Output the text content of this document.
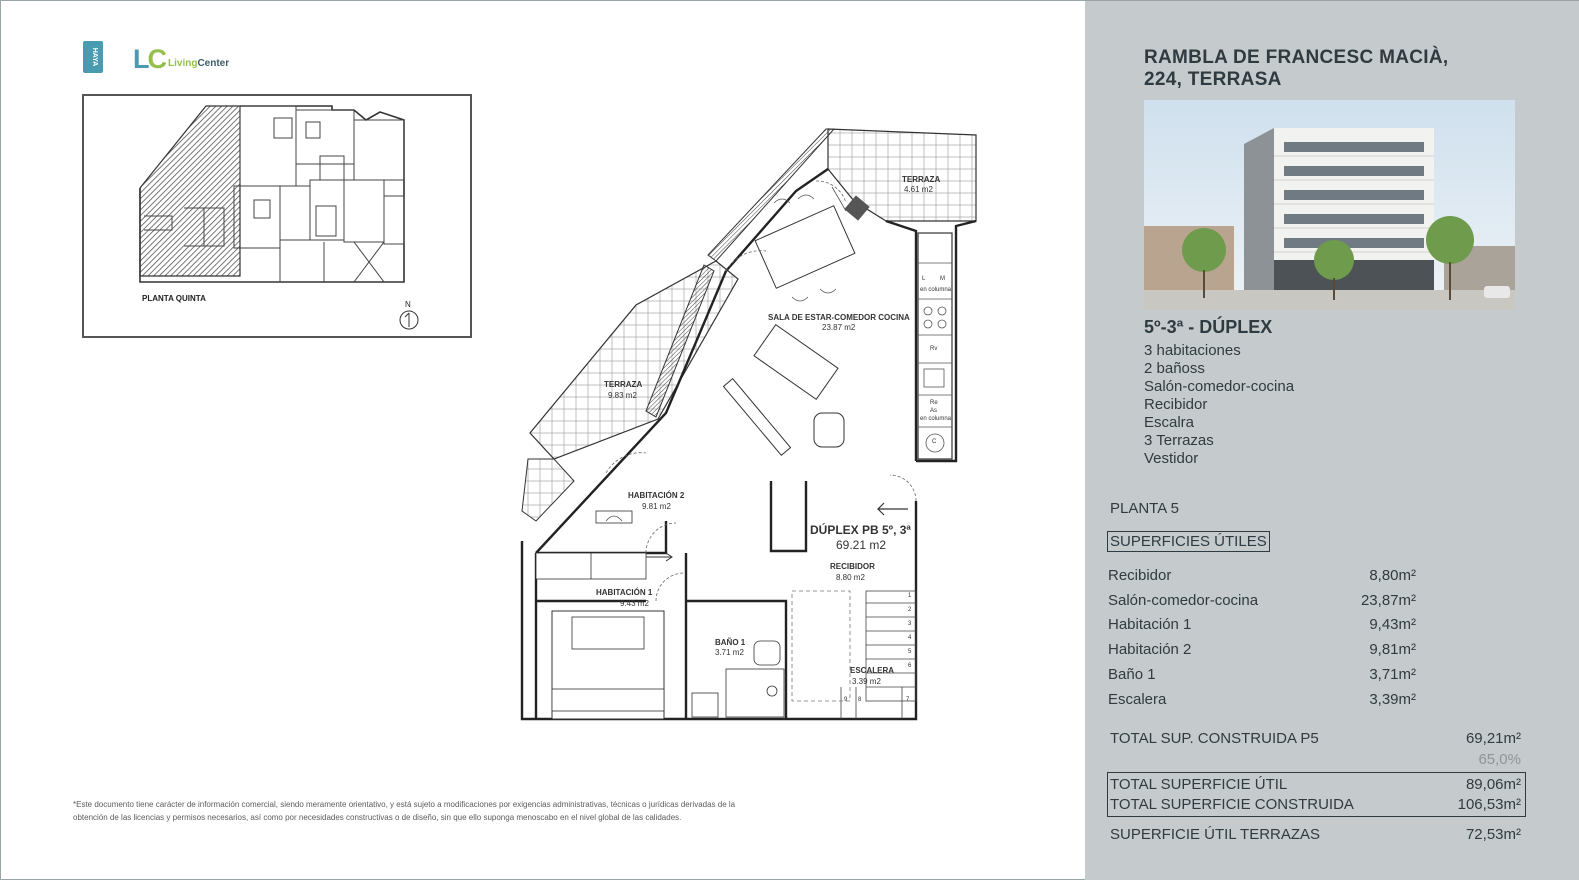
HAYA LC LivingCenter
PLANTA QUINTA
N
TERRAZA
4.61 m2
SALA DE ESTAR-COMEDOR COCINA
23.87 m2
TERRAZA
9.83 m2
HABITACIÓN 2
9.81 m2
DÚPLEX PB 5º, 3ª
69.21 m2
RECIBIDOR
8.80 m2
HABITACIÓN 1
9.43 m2
BAÑO 1
3.71 m2
ESCALERA
3.39 m2
L M
en columna
Rv
Re
As
en columna
C
1
2
3
4
5
6
7
8
9
*Este documento tiene carácter de información comercial, siendo meramente orientativo, y está sujeto a modificaciones por exigencias administrativas, técnicas o jurídicas derivadas de la
obtención de las licencias y permisos necesarios, así como por necesidades constructivas o de diseño, sin que ello suponga menoscabo en el nivel global de las calidades.
RAMBLA DE FRANCESC MACIÀ,
224, TERRASA
5º-3ª - DÚPLEX
3 habitaciones
2 bañoss
Salón-comedor-cocina
Recibidor
Escalra
3 Terrazas
Vestidor
PLANTA 5
SUPERFICIES ÚTILES
Recibidor	8,80m²
Salón-comedor-cocina	23,87m²
Habitación 1	9,43m²
Habitación 2	9,81m²
Baño 1	3,71m²
Escalera	3,39m²
TOTAL SUP. CONSTRUIDA P5	69,21m²
65,0%
TOTAL SUPERFICIE ÚTIL	89,06m²
TOTAL SUPERFICIE CONSTRUIDA	106,53m²
SUPERFICIE ÚTIL TERRAZAS	72,53m²
